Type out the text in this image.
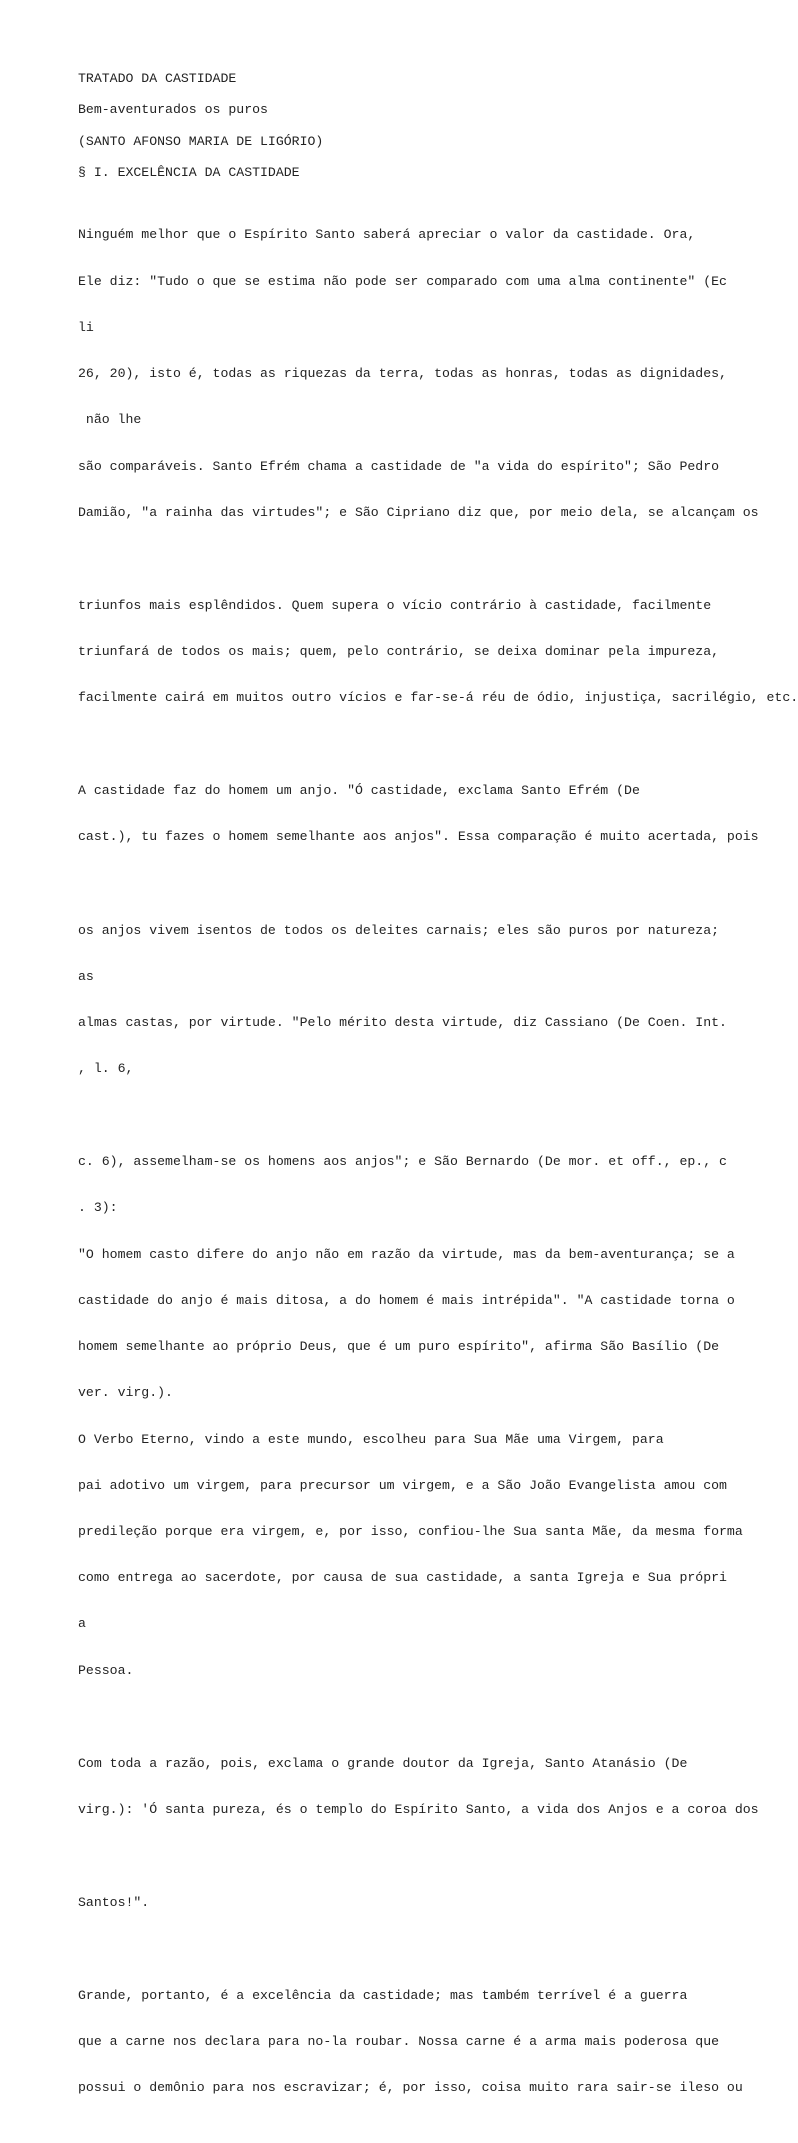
TRATADO DA CASTIDADE
Bem-aventurados os puros
(SANTO AFONSO MARIA DE LIGÓRIO)
§ I. EXCELÊNCIA DA CASTIDADE

Ninguém melhor que o Espírito Santo saberá apreciar o valor da castidade. Ora,

Ele diz: "Tudo o que se estima não pode ser comparado com uma alma continente" (Ec

li

26, 20), isto é, todas as riquezas da terra, todas as honras, todas as dignidades,

não lhe

são comparáveis. Santo Efrém chama a castidade de "a vida do espírito"; São Pedro

Damião, "a rainha das virtudes"; e São Cipriano diz que, por meio dela, se alcançam os

triunfos mais esplêndidos. Quem supera o vício contrário à castidade, facilmente

triunfará de todos os mais; quem, pelo contrário, se deixa dominar pela impureza,

facilmente cairá em muitos outro vícios e far-se-á réu de ódio, injustiça, sacrilégio, etc.

A castidade faz do homem um anjo. "Ó castidade, exclama Santo Efrém (De

cast.), tu fazes o homem semelhante aos anjos". Essa comparação é muito acertada, pois

os anjos vivem isentos de todos os deleites carnais; eles são puros por natureza;

as

almas castas, por virtude. "Pelo mérito desta virtude, diz Cassiano (De Coen. Int.

, l. 6,

c. 6), assemelham-se os homens aos anjos"; e São Bernardo (De mor. et off., ep., c

. 3):

"O homem casto difere do anjo não em razão da virtude, mas da bem-aventurança; se a

castidade do anjo é mais ditosa, a do homem é mais intrépida". "A castidade torna o

homem semelhante ao próprio Deus, que é um puro espírito", afirma São Basílio (De

ver. virg.).

O Verbo Eterno, vindo a este mundo, escolheu para Sua Mãe uma Virgem, para

pai adotivo um virgem, para precursor um virgem, e a São João Evangelista amou com

predileção porque era virgem, e, por isso, confiou-lhe Sua santa Mãe, da mesma forma

como entrega ao sacerdote, por causa de sua castidade, a santa Igreja e Sua própri

a

Pessoa.

Com toda a razão, pois, exclama o grande doutor da Igreja, Santo Atanásio (De

virg.): 'Ó santa pureza, és o templo do Espírito Santo, a vida dos Anjos e a coroa dos

Santos!".

Grande, portanto, é a excelência da castidade; mas também terrível é a guerra

que a carne nos declara para no-la roubar. Nossa carne é a arma mais poderosa que

possui o demônio para nos escravizar; é, por isso, coisa muito rara sair-se ileso ou
